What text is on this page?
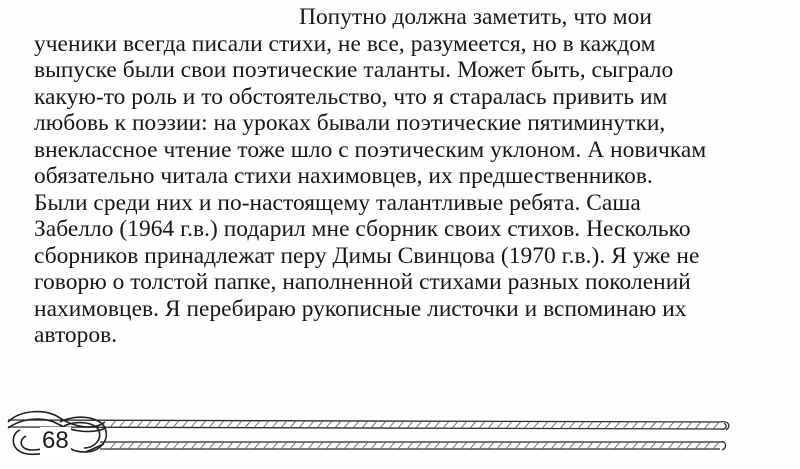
Попутно должна заметить, что мои
ученики всегда писали стихи, не все, разумеется, но в каждом
выпуске были свои поэтические таланты. Может быть, сыграло
какую-то роль и то обстоятельство, что я старалась привить им
любовь к поэзии: на уроках бывали поэтические пятиминутки,
внеклассное чтение тоже шло с поэтическим уклоном. А новичкам
обязательно читала стихи нахимовцев, их предшественников.
Были среди них и по-настоящему талантливые ребята. Саша
Забелло (1964 г.в.) подарил мне сборник своих стихов. Несколько
сборников принадлежат перу Димы Свинцова (1970 г.в.). Я уже не
говорю о толстой папке, наполненной стихами разных поколений
нахимовцев. Я перебираю рукописные листочки и вспоминаю их
авторов.
68
